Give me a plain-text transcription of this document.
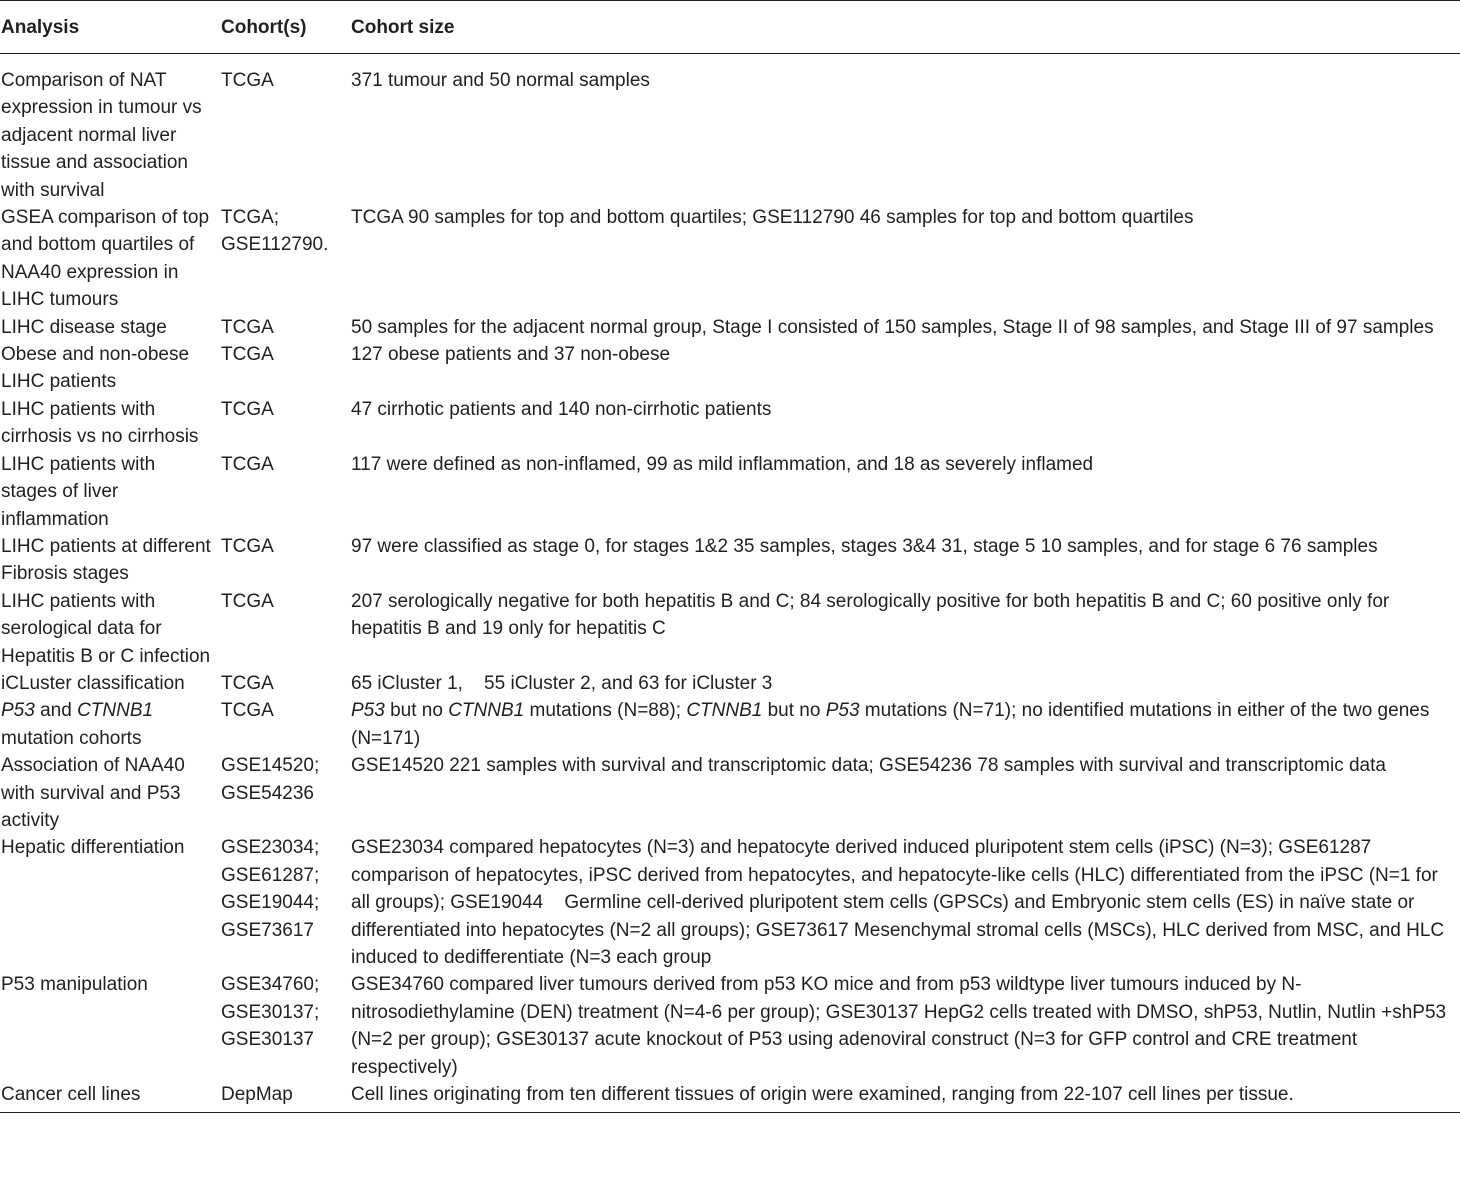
Analysis	Cohort(s)	Cohort size
Comparison of NAT expression in tumour vs adjacent normal liver tissue and association with survival	TCGA	371 tumour and 50 normal samples
GSEA comparison of top and bottom quartiles of NAA40 expression in LIHC tumours	TCGA; GSE112790.	TCGA 90 samples for top and bottom quartiles; GSE112790 46 samples for top and bottom quartiles
LIHC disease stage	TCGA	50 samples for the adjacent normal group, Stage I consisted of 150 samples, Stage II of 98 samples, and Stage III of 97 samples
Obese and non-obese LIHC patients	TCGA	127 obese patients and 37 non-obese
LIHC patients with cirrhosis vs no cirrhosis	TCGA	47 cirrhotic patients and 140 non-cirrhotic patients
LIHC patients with stages of liver inflammation	TCGA	117 were defined as non-inflamed, 99 as mild inflammation, and 18 as severely inflamed
LIHC patients at different Fibrosis stages	TCGA	97 were classified as stage 0, for stages 1&2 35 samples, stages 3&4 31, stage 5 10 samples, and for stage 6 76 samples
LIHC patients with serological data for Hepatitis B or C infection	TCGA	207 serologically negative for both hepatitis B and C; 84 serologically positive for both hepatitis B and C; 60 positive only for hepatitis B and 19 only for hepatitis C
iCLuster classification	TCGA	65 iCluster 1,    55 iCluster 2, and 63 for iCluster 3
P53 and CTNNB1 mutation cohorts	TCGA	P53 but no CTNNB1 mutations (N=88); CTNNB1 but no P53 mutations (N=71); no identified mutations in either of the two genes (N=171)
Association of NAA40 with survival and P53 activity	GSE14520; GSE54236	GSE14520 221 samples with survival and transcriptomic data; GSE54236 78 samples with survival and transcriptomic data
Hepatic differentiation	GSE23034; GSE61287; GSE19044; GSE73617	GSE23034 compared hepatocytes (N=3) and hepatocyte derived induced pluripotent stem cells (iPSC) (N=3); GSE61287 comparison of hepatocytes, iPSC derived from hepatocytes, and hepatocyte-like cells (HLC) differentiated from the iPSC (N=1 for all groups); GSE19044    Germline cell-derived pluripotent stem cells (GPSCs) and Embryonic stem cells (ES) in naïve state or differentiated into hepatocytes (N=2 all groups); GSE73617 Mesenchymal stromal cells (MSCs), HLC derived from MSC, and HLC induced to dedifferentiate (N=3 each group
P53 manipulation	GSE34760; GSE30137; GSE30137	GSE34760 compared liver tumours derived from p53 KO mice and from p53 wildtype liver tumours induced by N-nitrosodiethylamine (DEN) treatment (N=4-6 per group); GSE30137 HepG2 cells treated with DMSO, shP53, Nutlin, Nutlin +shP53 (N=2 per group); GSE30137 acute knockout of P53 using adenoviral construct (N=3 for GFP control and CRE treatment respectively)
Cancer cell lines	DepMap	Cell lines originating from ten different tissues of origin were examined, ranging from 22-107 cell lines per tissue.
